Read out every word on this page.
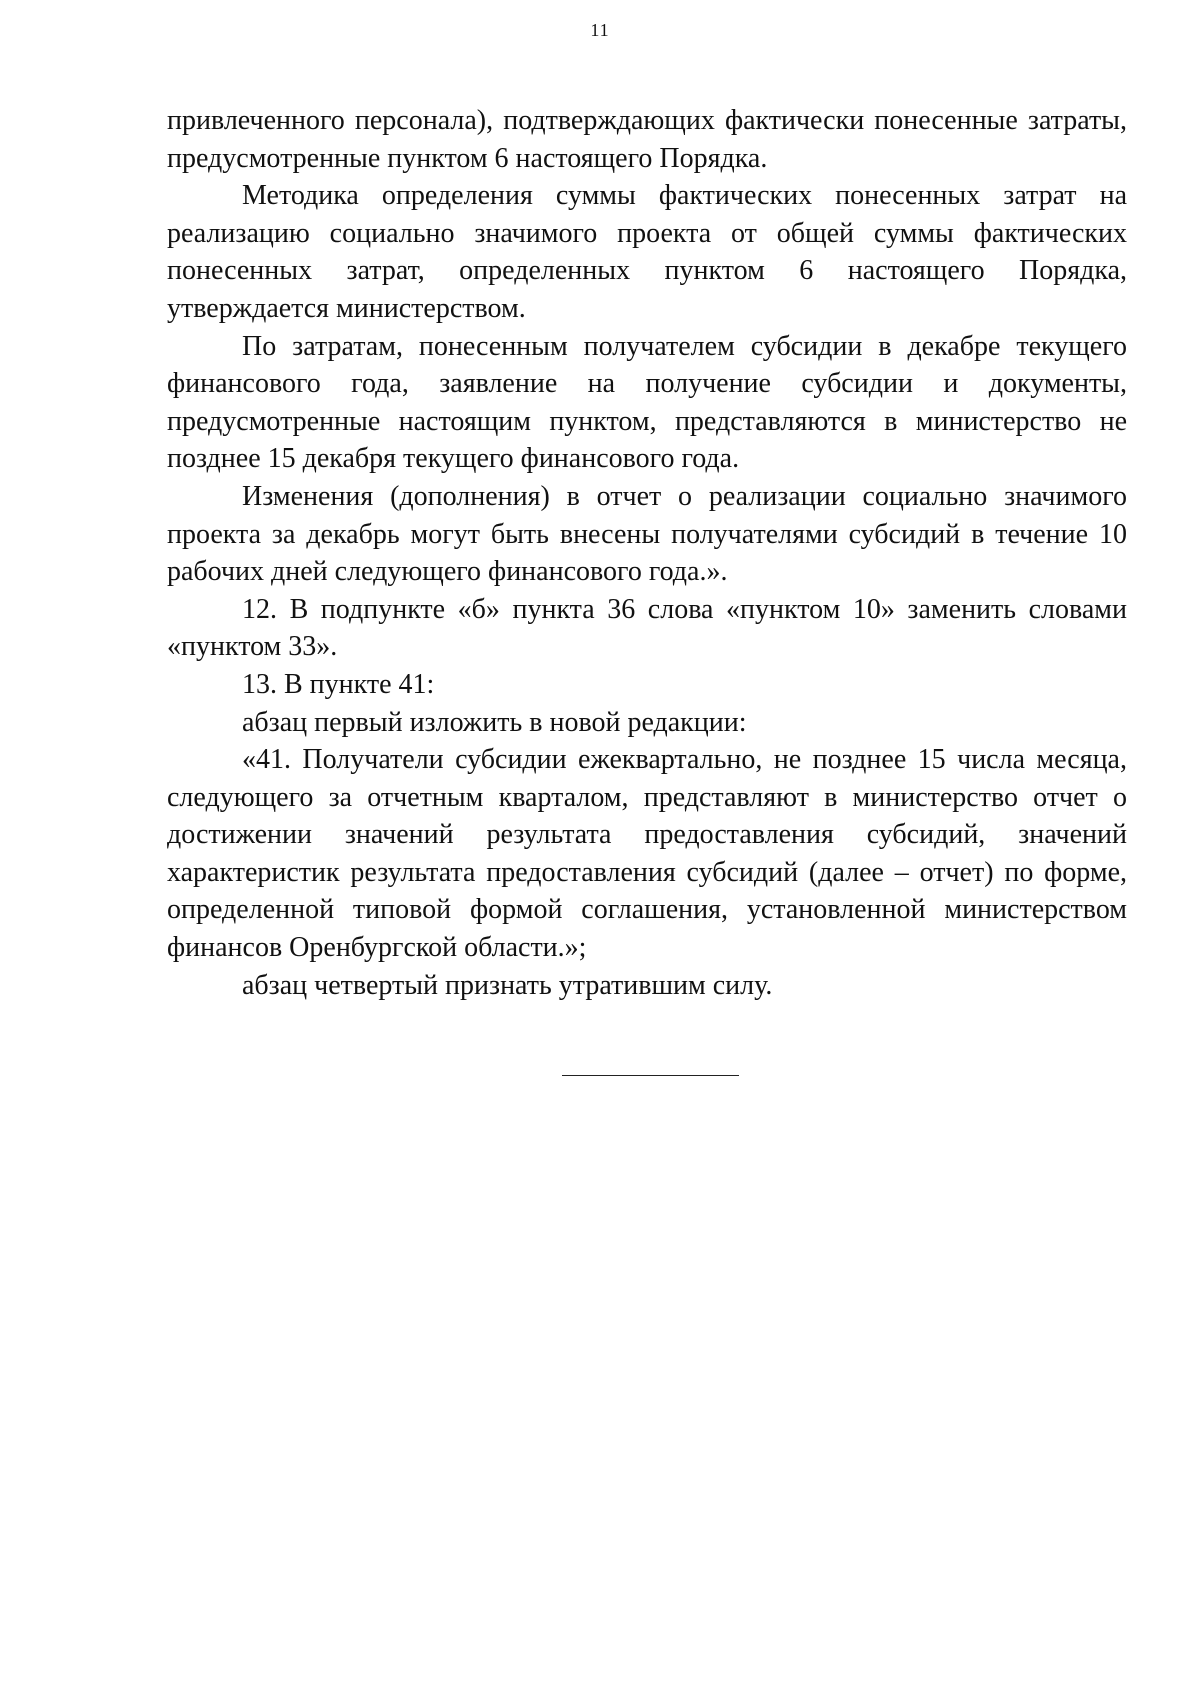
11

привлеченного персонала), подтверждающих фактически понесенные затраты, предусмотренные пунктом 6 настоящего Порядка.

Методика определения суммы фактических понесенных затрат на реализацию социально значимого проекта от общей суммы фактических понесенных затрат, определенных пунктом 6 настоящего Порядка, утверждается министерством.

По затратам, понесенным получателем субсидии в декабре текущего финансового года, заявление на получение субсидии и документы, предусмотренные настоящим пунктом, представляются в министерство не позднее 15 декабря текущего финансового года.

Изменения (дополнения) в отчет о реализации социально значимого проекта за декабрь могут быть внесены получателями субсидий в течение 10 рабочих дней следующего финансового года.».

12. В подпункте «б» пункта 36 слова «пунктом 10» заменить словами «пунктом 33».

13. В пункте 41:

абзац первый изложить в новой редакции:

«41. Получатели субсидии ежеквартально, не позднее 15 числа месяца, следующего за отчетным кварталом, представляют в министерство отчет о достижении значений результата предоставления субсидий, значений характеристик результата предоставления субсидий (далее – отчет) по форме, определенной типовой формой соглашения, установленной министерством финансов Оренбургской области.»;

абзац четвертый признать утратившим силу.
